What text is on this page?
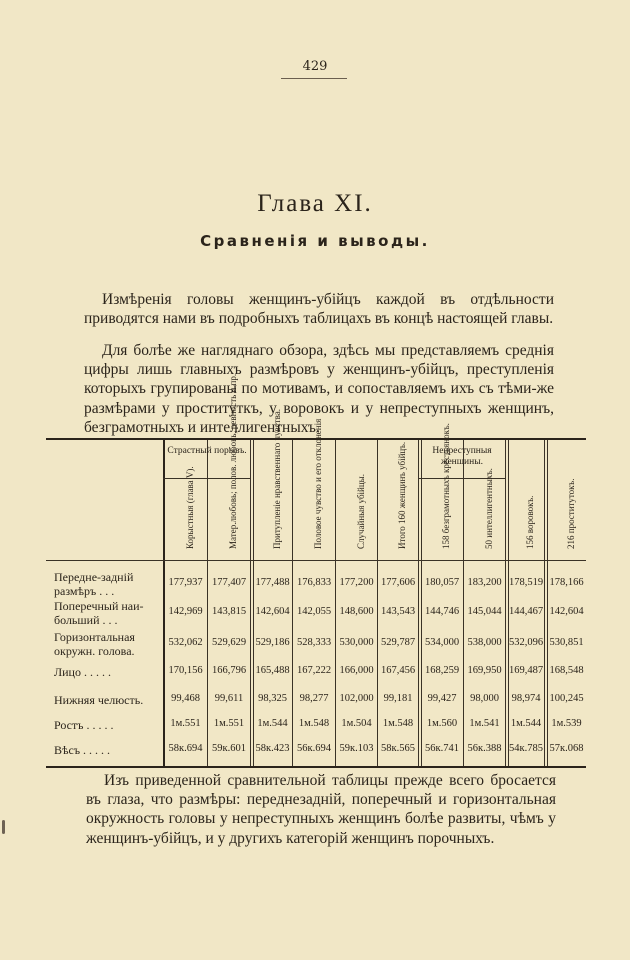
429
Глава XI.
Сравненія и выводы.
Измѣренія головы женщинъ-убійцъ каждой въ отдѣльности приводятся нами въ подробныхъ таблицахъ въ концѣ настоящей главы.
Для болѣе же нагляднаго обзора, здѣсь мы представляемъ среднія цифры лишь главныхъ размѣровъ у женщинъ-убійцъ, преступленія которыхъ групированы по мотивамъ, и сопоставляемъ ихъ съ тѣми-же размѣрами у проституткъ, у воровокъ и у непреступныхъ женщинъ, безграмотныхъ и интеллигентныхъ.
Страстный порывъ.	Непреступныя женщины.
Корыстныя (глава V).	Матер.любовь; полов. любовь, ревность и пр.	Притупленіе нравственнаго чувства.	Половое чувство и его отклоненія	Случайныя убійцы.	Итого 160 женщинъ убійцъ.	158 безграмотныхъ крестьянокъ.	50 интеллигентныхъ.	156 воровокъ.	216 проститутокъ.
Передне-задній
размѣръ . . .
177,937 177,407 177,488 176,833 177,200 177,606 180,057 183,200 178,519 178,166
Поперечный наи-
больший . . .
142,969 143,815 142,604 142,055 148,600 143,543 144,746 145,044 144,467 142,604
Горизонтальная
окружн. голова.
532,062 529,629 529,186 528,333 530,000 529,787 534,000 538,000 532,096 530,851
Лицо . . . . .	170,156 166,796 165,488 167,222 166,000 167,456 168,259 169,950 169,487 168,548
Нижняя челюсть.	99,468	99,611	98,325	98,277	102,000 99,181	99,427	98,000	98,974 100,245
Ростъ . . . . .	1м.551	1м.551	1м.544	1м.548	1м.504	1м.548	1м.560	1м.541	1м.544 1м.539
Вѣсъ . . . . .	58к.694 59к.601 58к.423 56к.694 59к.103 58к.565 56к.741 56к.388 54к.785 57к.068
Изъ приведенной сравнительной таблицы прежде всего бросается въ глаза, что размѣры: переднезадній, поперечный и горизонтальная окружность головы у непреступныхъ женщинъ болѣе развиты, чѣмъ у женщинъ-убійцъ, и у другихъ категорій женщинъ порочныхъ.
